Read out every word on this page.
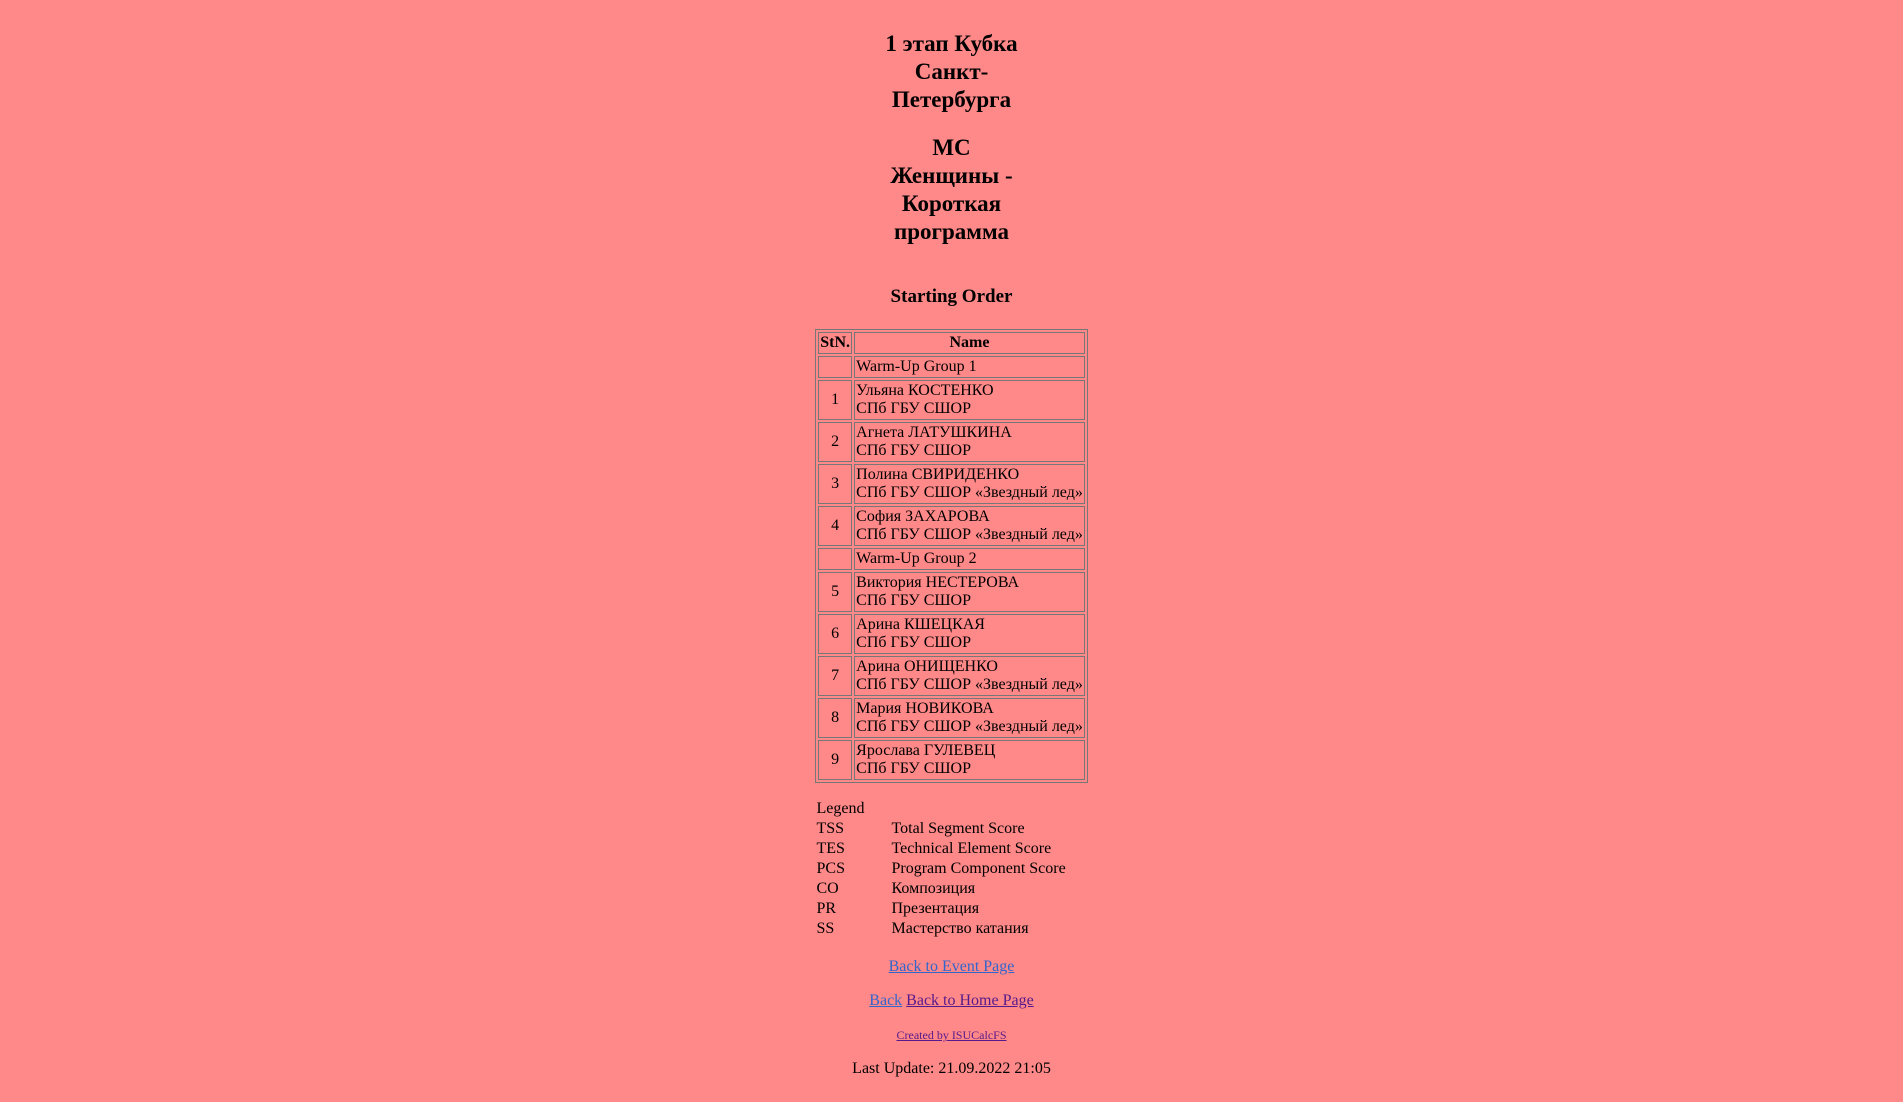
1 этап Кубка Санкт-Петербурга
МС Женщины - Короткая программа
Starting Order
StN.	Name
	Warm-Up Group 1
1	Ульяна КОСТЕНКО
СПб ГБУ СШОР

2	Агнета ЛАТУШКИНА
СПб ГБУ СШОР

3	Полина СВИРИДЕНКО
СПб ГБУ СШОР «Звездный лед»

4	София ЗАХАРОВА
СПб ГБУ СШОР «Звездный лед»

	Warm-Up Group 2
5	Виктория НЕСТЕРОВА
СПб ГБУ СШОР

6	Арина КШЕЦКАЯ
СПб ГБУ СШОР

7	Арина ОНИЩЕНКО
СПб ГБУ СШОР «Звездный лед»

8	Мария НОВИКОВА
СПб ГБУ СШОР «Звездный лед»

9	Ярослава ГУЛЕВЕЦ
СПб ГБУ СШОР
Legend	
TSS	Total Segment Score
TES	Technical Element Score
PCS	Program Component Score
CO	Композиция
PR	Презентация
SS	Мастерство катания

Back to Event Page

Back Back to Home Page

Created by ISUCalcFS

Last Update: 21.09.2022 21:05
